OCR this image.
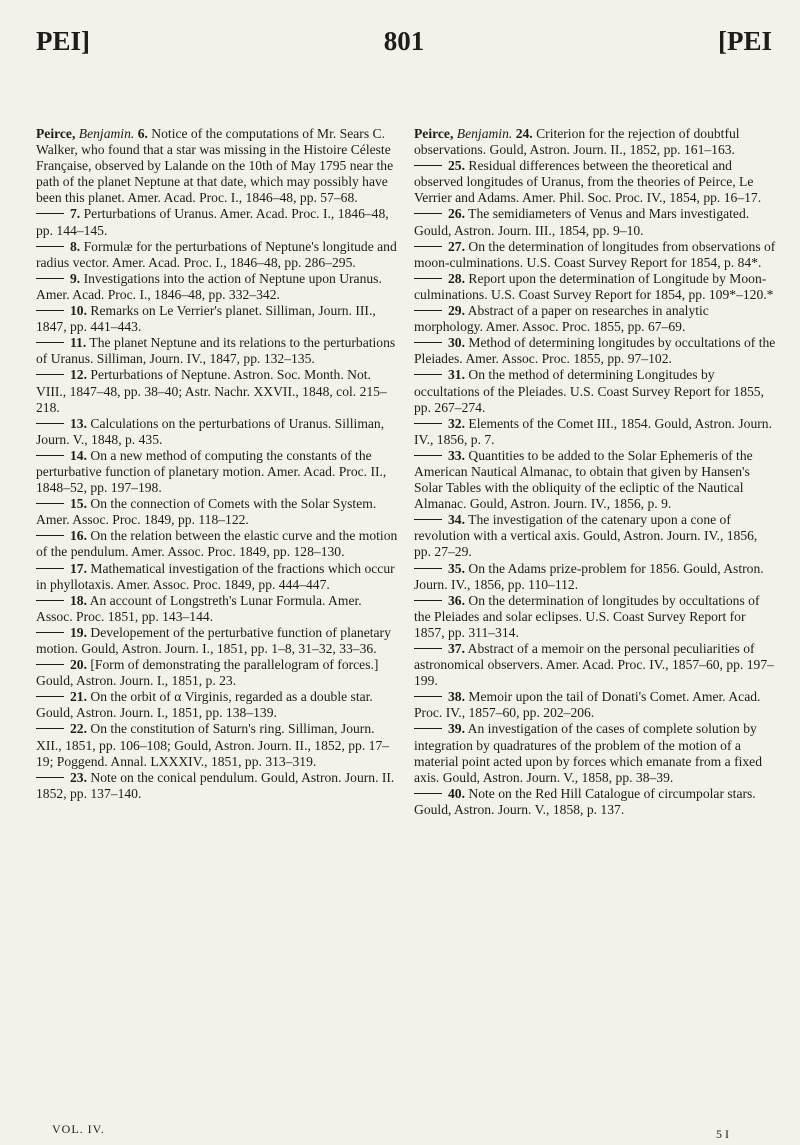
PEI]	801	[PEI

Peirce, Benjamin. 6. Notice of the computations of Mr. Sears C. Walker, who found that a star was missing in the Histoire Céleste Française, observed by Lalande on the 10th of May 1795 near the path of the planet Neptune at that date, which may possibly have been this planet. Amer. Acad. Proc. I., 1846–48, pp. 57–68.

7. Perturbations of Uranus. Amer. Acad. Proc. I., 1846–48, pp. 144–145.

8. Formulæ for the perturbations of Neptune's longitude and radius vector. Amer. Acad. Proc. I., 1846–48, pp. 286–295.

9. Investigations into the action of Neptune upon Uranus. Amer. Acad. Proc. I., 1846–48, pp. 332–342.

10. Remarks on Le Verrier's planet. Silliman, Journ. III., 1847, pp. 441–443.

11. The planet Neptune and its relations to the perturbations of Uranus. Silliman, Journ. IV., 1847, pp. 132–135.

12. Perturbations of Neptune. Astron. Soc. Month. Not. VIII., 1847–48, pp. 38–40; Astr. Nachr. XXVII., 1848, col. 215–218.

13. Calculations on the perturbations of Uranus. Silliman, Journ. V., 1848, p. 435.

14. On a new method of computing the constants of the perturbative function of planetary motion. Amer. Acad. Proc. II., 1848–52, pp. 197–198.

15. On the connection of Comets with the Solar System. Amer. Assoc. Proc. 1849, pp. 118–122.

16. On the relation between the elastic curve and the motion of the pendulum. Amer. Assoc. Proc. 1849, pp. 128–130.

17. Mathematical investigation of the fractions which occur in phyllotaxis. Amer. Assoc. Proc. 1849, pp. 444–447.

18. An account of Longstreth's Lunar Formula. Amer. Assoc. Proc. 1851, pp. 143–144.

19. Developement of the perturbative function of planetary motion. Gould, Astron. Journ. I., 1851, pp. 1–8, 31–32, 33–36.

20. [Form of demonstrating the parallelogram of forces.] Gould, Astron. Journ. I., 1851, p. 23.

21. On the orbit of α Virginis, regarded as a double star. Gould, Astron. Journ. I., 1851, pp. 138–139.

22. On the constitution of Saturn's ring. Silliman, Journ. XII., 1851, pp. 106–108; Gould, Astron. Journ. II., 1852, pp. 17–19; Poggend. Annal. LXXXIV., 1851, pp. 313–319.

23. Note on the conical pendulum. Gould, Astron. Journ. II. 1852, pp. 137–140.

Peirce, Benjamin. 24. Criterion for the rejection of doubtful observations. Gould, Astron. Journ. II., 1852, pp. 161–163.

25. Residual differences between the theoretical and observed longitudes of Uranus, from the theories of Peirce, Le Verrier and Adams. Amer. Phil. Soc. Proc. IV., 1854, pp. 16–17.

26. The semidiameters of Venus and Mars investigated. Gould, Astron. Journ. III., 1854, pp. 9–10.

27. On the determination of longitudes from observations of moon-culminations. U.S. Coast Survey Report for 1854, p. 84*.

28. Report upon the determination of Longitude by Moon-culminations. U.S. Coast Survey Report for 1854, pp. 109*–120.*

29. Abstract of a paper on researches in analytic morphology. Amer. Assoc. Proc. 1855, pp. 67–69.

30. Method of determining longitudes by occultations of the Pleiades. Amer. Assoc. Proc. 1855, pp. 97–102.

31. On the method of determining Longitudes by occultations of the Pleiades. U.S. Coast Survey Report for 1855, pp. 267–274.

32. Elements of the Comet III., 1854. Gould, Astron. Journ. IV., 1856, p. 7.

33. Quantities to be added to the Solar Ephemeris of the American Nautical Almanac, to obtain that given by Hansen's Solar Tables with the obliquity of the ecliptic of the Nautical Almanac. Gould, Astron. Journ. IV., 1856, p. 9.

34. The investigation of the catenary upon a cone of revolution with a vertical axis. Gould, Astron. Journ. IV., 1856, pp. 27–29.

35. On the Adams prize-problem for 1856. Gould, Astron. Journ. IV., 1856, pp. 110–112.

36. On the determination of longitudes by occultations of the Pleiades and solar eclipses. U.S. Coast Survey Report for 1857, pp. 311–314.

37. Abstract of a memoir on the personal peculiarities of astronomical observers. Amer. Acad. Proc. IV., 1857–60, pp. 197–199.

38. Memoir upon the tail of Donati's Comet. Amer. Acad. Proc. IV., 1857–60, pp. 202–206.

39. An investigation of the cases of complete solution by integration by quadratures of the problem of the motion of a material point acted upon by forces which emanate from a fixed axis. Gould, Astron. Journ. V., 1858, pp. 38–39.

40. Note on the Red Hill Catalogue of circumpolar stars. Gould, Astron. Journ. V., 1858, p. 137.

VOL. IV.	5 I
